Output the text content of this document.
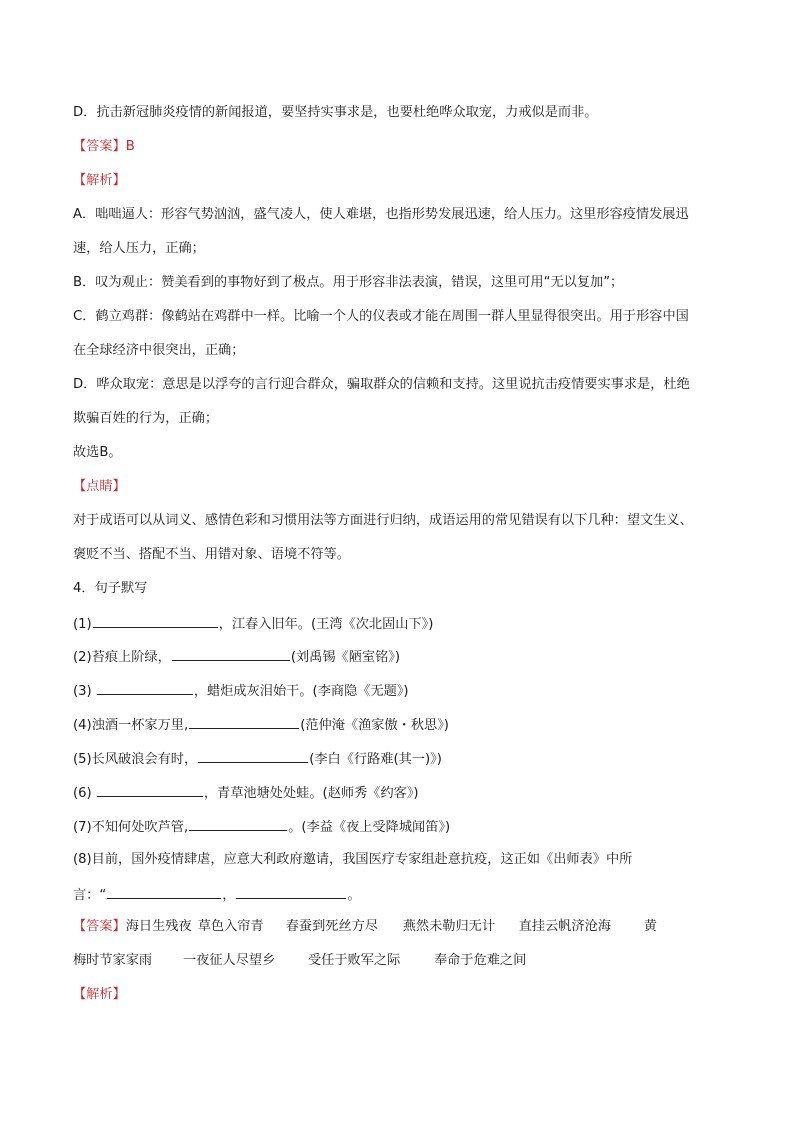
D．抗击新冠肺炎疫情的新闻报道，要坚持实事求是，也要杜绝哗众取宠，力戒似是而非。
【答案】B
【解析】
A．咄咄逼人：形容气势汹汹，盛气凌人，使人难堪，也指形势发展迅速，给人压力。这里形容疫情发展迅
速，给人压力，正确；
B．叹为观止：赞美看到的事物好到了极点。用于形容非法表演，错误，这里可用“无以复加”；
C．鹤立鸡群：像鹤站在鸡群中一样。比喻一个人的仪表或才能在周围一群人里显得很突出。用于形容中国
在全球经济中很突出，正确；
D．哗众取宠：意思是以浮夸的言行迎合群众，骗取群众的信赖和支持。这里说抗击疫情要实事求是，杜绝
欺骗百姓的行为，正确；
故选B。
【点睛】
对于成语可以从词义、感情色彩和习惯用法等方面进行归纳，成语运用的常见错误有以下几种：望文生义、
褒贬不当、搭配不当、用错对象、语境不符等。
4．句子默写
(1)	，江春入旧年。(王湾《次北固山下》)
(2)苔痕上阶绿，	(刘禹锡《陋室铭》)
(3)	，蜡炬成灰泪始干。(李商隐《无题》)
(4)浊酒一杯家万里,	(范仲淹《渔家傲・秋思》)
(5)长风破浪会有时，	(李白《行路难(其一)》)
(6)	，青草池塘处处蛙。(赵师秀《约客》)
(7)不知何处吹芦管,	。(李益《夜上受降城闻笛》)
(8)目前，国外疫情肆虐，应意大利政府邀请，我国医疗专家组赴意抗疫，这正如《出师表》中所
言：“	，	。
【答案】海日生残夜 草色入帘青 春蚕到死丝方尽 燕然未勒归无计 直挂云帆济沧海 黄
梅时节家家雨 一夜征人尽望乡 受任于败军之际	奉命于危难之间
【解析】
